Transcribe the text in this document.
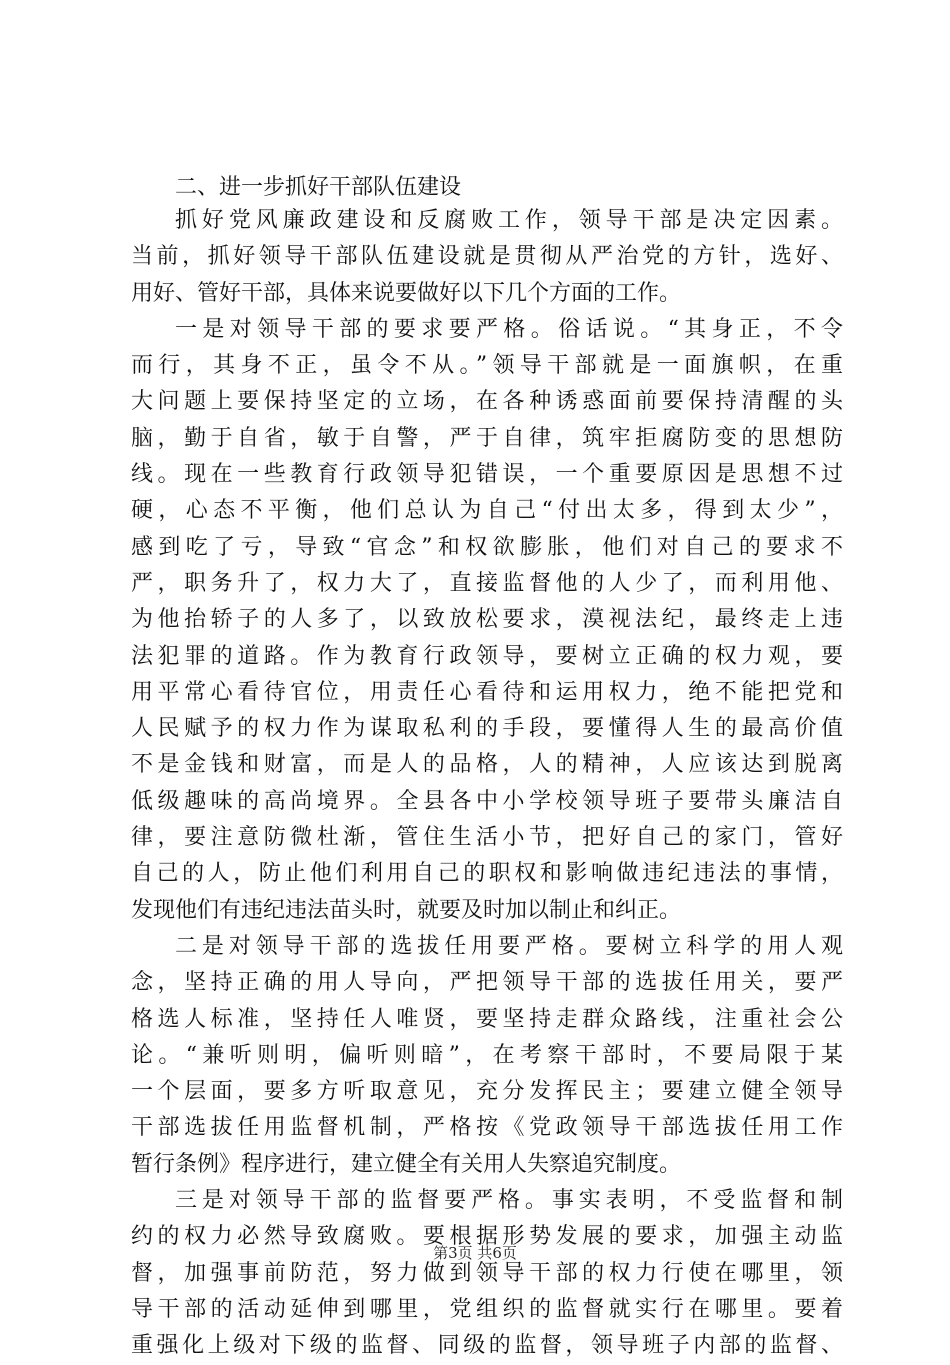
二、进一步抓好干部队伍建设

抓好党风廉政建设和反腐败工作，领导干部是决定因素。
当前，抓好领导干部队伍建设就是贯彻从严治党的方针，选好、
用好、管好干部，具体来说要做好以下几个方面的工作。
一是对领导干部的要求要严格。俗话说。“其身正，不令
而行，其身不正，虽令不从。”领导干部就是一面旗帜，在重
大问题上要保持坚定的立场，在各种诱惑面前要保持清醒的头
脑，勤于自省，敏于自警，严于自律，筑牢拒腐防变的思想防
线。现在一些教育行政领导犯错误，一个重要原因是思想不过
硬，心态不平衡，他们总认为自己“付出太多，得到太少”，
感到吃了亏，导致“官念”和权欲膨胀，他们对自己的要求不
严，职务升了，权力大了，直接监督他的人少了，而利用他、
为他抬轿子的人多了，以致放松要求，漠视法纪，最终走上违
法犯罪的道路。作为教育行政领导，要树立正确的权力观，要
用平常心看待官位，用责任心看待和运用权力，绝不能把党和
人民赋予的权力作为谋取私利的手段，要懂得人生的最高价值
不是金钱和财富，而是人的品格，人的精神，人应该达到脱离
低级趣味的高尚境界。全县各中小学校领导班子要带头廉洁自
律，要注意防微杜渐，管住生活小节，把好自己的家门，管好
自己的人，防止他们利用自己的职权和影响做违纪违法的事情，
发现他们有违纪违法苗头时，就要及时加以制止和纠正。
二是对领导干部的选拔任用要严格。要树立科学的用人观
念，坚持正确的用人导向，严把领导干部的选拔任用关，要严
格选人标准，坚持任人唯贤，要坚持走群众路线，注重社会公
论。“兼听则明，偏听则暗”，在考察干部时，不要局限于某
一个层面，要多方听取意见，充分发挥民主；要建立健全领导
干部选拔任用监督机制，严格按《党政领导干部选拔任用工作
暂行条例》程序进行，建立健全有关用人失察追究制度。
三是对领导干部的监督要严格。事实表明，不受监督和制
约的权力必然导致腐败。要根据形势发展的要求，加强主动监
督，加强事前防范，努力做到领导干部的权力行使在哪里，领
导干部的活动延伸到哪里，党组织的监督就实行在哪里。要着
重强化上级对下级的监督、同级的监督，领导班子内部的监督、
第3页 共6页
